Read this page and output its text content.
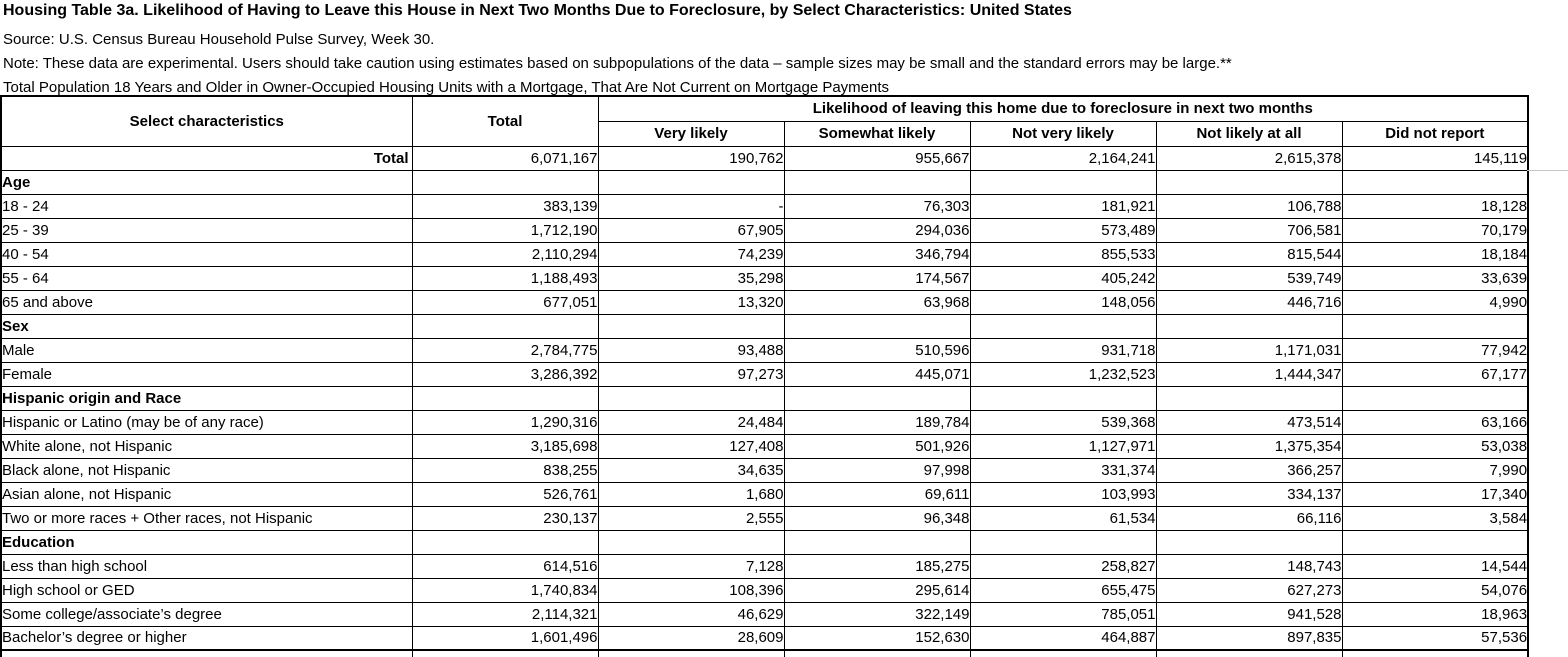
Housing Table 3a. Likelihood of Having to Leave this House in Next Two Months Due to Foreclosure, by Select Characteristics: United States
Source: U.S. Census Bureau Household Pulse Survey, Week 30.
Note: These data are experimental. Users should take caution using estimates based on subpopulations of the data – sample sizes may be small and the standard errors may be large.**
Total Population 18 Years and Older in Owner-Occupied Housing Units with a Mortgage, That Are Not Current on Mortgage Payments
Select characteristics	Total	Likelihood of leaving this home due to foreclosure in next two months				
		Very likely	Somewhat likely	Not very likely	Not likely at all	Did not report
Total	6,071,167	190,762	955,667	2,164,241	2,615,378	145,119
Age						
18 - 24	383,139	-	76,303	181,921	106,788	18,128
25 - 39	1,712,190	67,905	294,036	573,489	706,581	70,179
40 - 54	2,110,294	74,239	346,794	855,533	815,544	18,184
55 - 64	1,188,493	35,298	174,567	405,242	539,749	33,639
65 and above	677,051	13,320	63,968	148,056	446,716	4,990
Sex						
Male	2,784,775	93,488	510,596	931,718	1,171,031	77,942
Female	3,286,392	97,273	445,071	1,232,523	1,444,347	67,177
Hispanic origin and Race						
Hispanic or Latino (may be of any race)	1,290,316	24,484	189,784	539,368	473,514	63,166
White alone, not Hispanic	3,185,698	127,408	501,926	1,127,971	1,375,354	53,038
Black alone, not Hispanic	838,255	34,635	97,998	331,374	366,257	7,990
Asian alone, not Hispanic	526,761	1,680	69,611	103,993	334,137	17,340
Two or more races + Other races, not Hispanic	230,137	2,555	96,348	61,534	66,116	3,584
Education						
Less than high school	614,516	7,128	185,275	258,827	148,743	14,544
High school or GED	1,740,834	108,396	295,614	655,475	627,273	54,076
Some college/associate’s degree	2,114,321	46,629	322,149	785,051	941,528	18,963
Bachelor’s degree or higher	1,601,496	28,609	152,630	464,887	897,835	57,536
